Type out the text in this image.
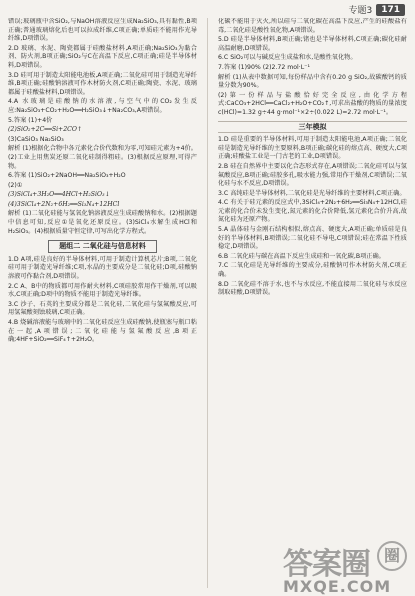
专题3	171

错误;玻璃瓶中含SiO₂,与NaOH溶液反应生成Na₂SiO₃,具有黏性,B项正确;普通玻璃熔化后也可以拉成纤维,C项正确;单质硅不能用作光导纤维,D项错误。

2.D 玻璃、水泥、陶瓷都属于硅酸盐材料,A项正确;Na₂SiO₃为黏合剂、防火剂,B项正确;SiO₂与C在高温下反应,C项正确;硅是半导体材料,D项错误。

3.D 硅可用于制造太阳能电池板,A项正确;二氧化硅可用于制造光导纤维,B项正确;硅酸钠溶液可作木材防火剂,C项正确;陶瓷、水泥、玻璃都属于硅酸盐材料,D项错误。

4.A 水玻璃是硅酸钠的水溶液,与空气中的CO₂发生反应:Na₂SiO₃+CO₂+H₂O══H₂SiO₃↓+Na₂CO₃,A项错误。

5.答案 (1)+4价

(2)SiO₂+2C══Si+2CO↑

(3)CaSiO₃ Na₂SiO₃

解析 (1)根据化合物中各元素化合价代数和为零,可知硅元素为+4价。(2)工业上用焦炭还原二氧化硅制得粗硅。(3)根据反应原理,可得产物。

6.答案 (1)SiO₂+2NaOH══Na₂SiO₃+H₂O

(2)①

(3)SiCl₄+3H₂O══4HCl+H₂SiO₃↓

(4)3SiCl₄+2N₂+6H₂══Si₃N₄+12HCl

解析 (1)二氧化硅能与氢氧化钠溶液反应生成硅酸钠和水。(2)根据题中信息可知,反应①是氧化还原反应。(3)SiCl₄水解生成HCl和H₂SiO₃。(4)根据质量守恒定律,可写出化学方程式。

题组二 二氧化硅与信息材料

1.D A项,硅是良好的半导体材料,可用于制造计算机芯片;B项,二氧化硅可用于制造光导纤维;C项,水晶的主要成分是二氧化硅;D项,硅酸钠溶液可作黏合剂,D项错误。

2.C A、B中的物质都可用作耐火材料,C项硅胶常用作干燥剂,可以吸水,C项正确;D项中的物质不能用于制造光导纤维。

3.C 沙子、石英的主要成分都是二氧化硅,二氧化硅与氢氟酸反应,可用氢氟酸刻蚀玻璃,C项正确。

4.B 烧碱溶液能与玻璃中的二氧化硅反应生成硅酸钠,使瓶塞与瓶口粘在一起,A项错误;二氧化硅能与氢氟酸反应,B项正确;4HF+SiO₂══SiF₄↑+2H₂O。

化碳不能用于灭火,所以硅与二氧化碳在高温下反应,产生的硅酸盐有毒,二氧化硅是酸性氧化物,A项错误。

5.D 硅是半导体材料,B项正确;锗也是半导体材料,C项正确;碳化硅耐高温耐磨,D项错误。

6.C SiO₂可以与碱反应生成盐和水,是酸性氧化物。

7.答案 (1)90% (2)2.72 mol·L⁻¹

解析 (1)从表中数据可知,每份样品中含有0.20 g SiO₂,故碳酸钙的质量分数为90%。

(2)第一份样品与盐酸恰好完全反应,由化学方程式:CaCO₃+2HCl══CaCl₂+H₂O+CO₂↑,可求出盐酸的物质的量浓度 c(HCl)=1.32 g÷44 g·mol⁻¹×2÷(0.022 L)=2.72 mol·L⁻¹。

三年模拟

1.D 硅是重要的半导体材料,可用于制造太阳能电池,A项正确;二氧化硅是制造光导纤维的主要原料,B项正确;碳化硅的熔点高、硬度大,C项正确;硅酸盐工业是一门古老的工业,D项错误。

2.B 硅在自然界中主要以化合态形式存在,A项错误;二氧化硅可以与氢氟酸反应,B项正确;硅胶多孔,吸水能力强,常用作干燥剂,C项错误;二氧化硅与水不反应,D项错误。

3.C 高纯硅是半导体材料,二氧化硅是光导纤维的主要材料,C项正确。

4.C 有关于硅元素的反应式中,3SiCl₄+2N₂+6H₂══Si₃N₄+12HCl,硅元素的化合价未发生变化,氮元素的化合价降低,氢元素化合价升高,故氮化硅为还原产物。

5.A 晶体硅与金刚石结构相似,熔点高、硬度大,A项正确;单质硅是良好的半导体材料,B项错误;二氧化硅不导电,C项错误;硅在常温下性质稳定,D项错误。

6.B 二氧化硅与碳在高温下反应生成硅和一氧化碳,B项正确。

7.C 二氧化硅是光导纤维的主要成分,硅酸钠可作木材防火剂,C项正确。

8.D 二氧化硅不溶于水,也不与水反应,不能直接用二氧化硅与水反应制取硅酸,D项错误。

答案圈
MXQE.COM
圈
